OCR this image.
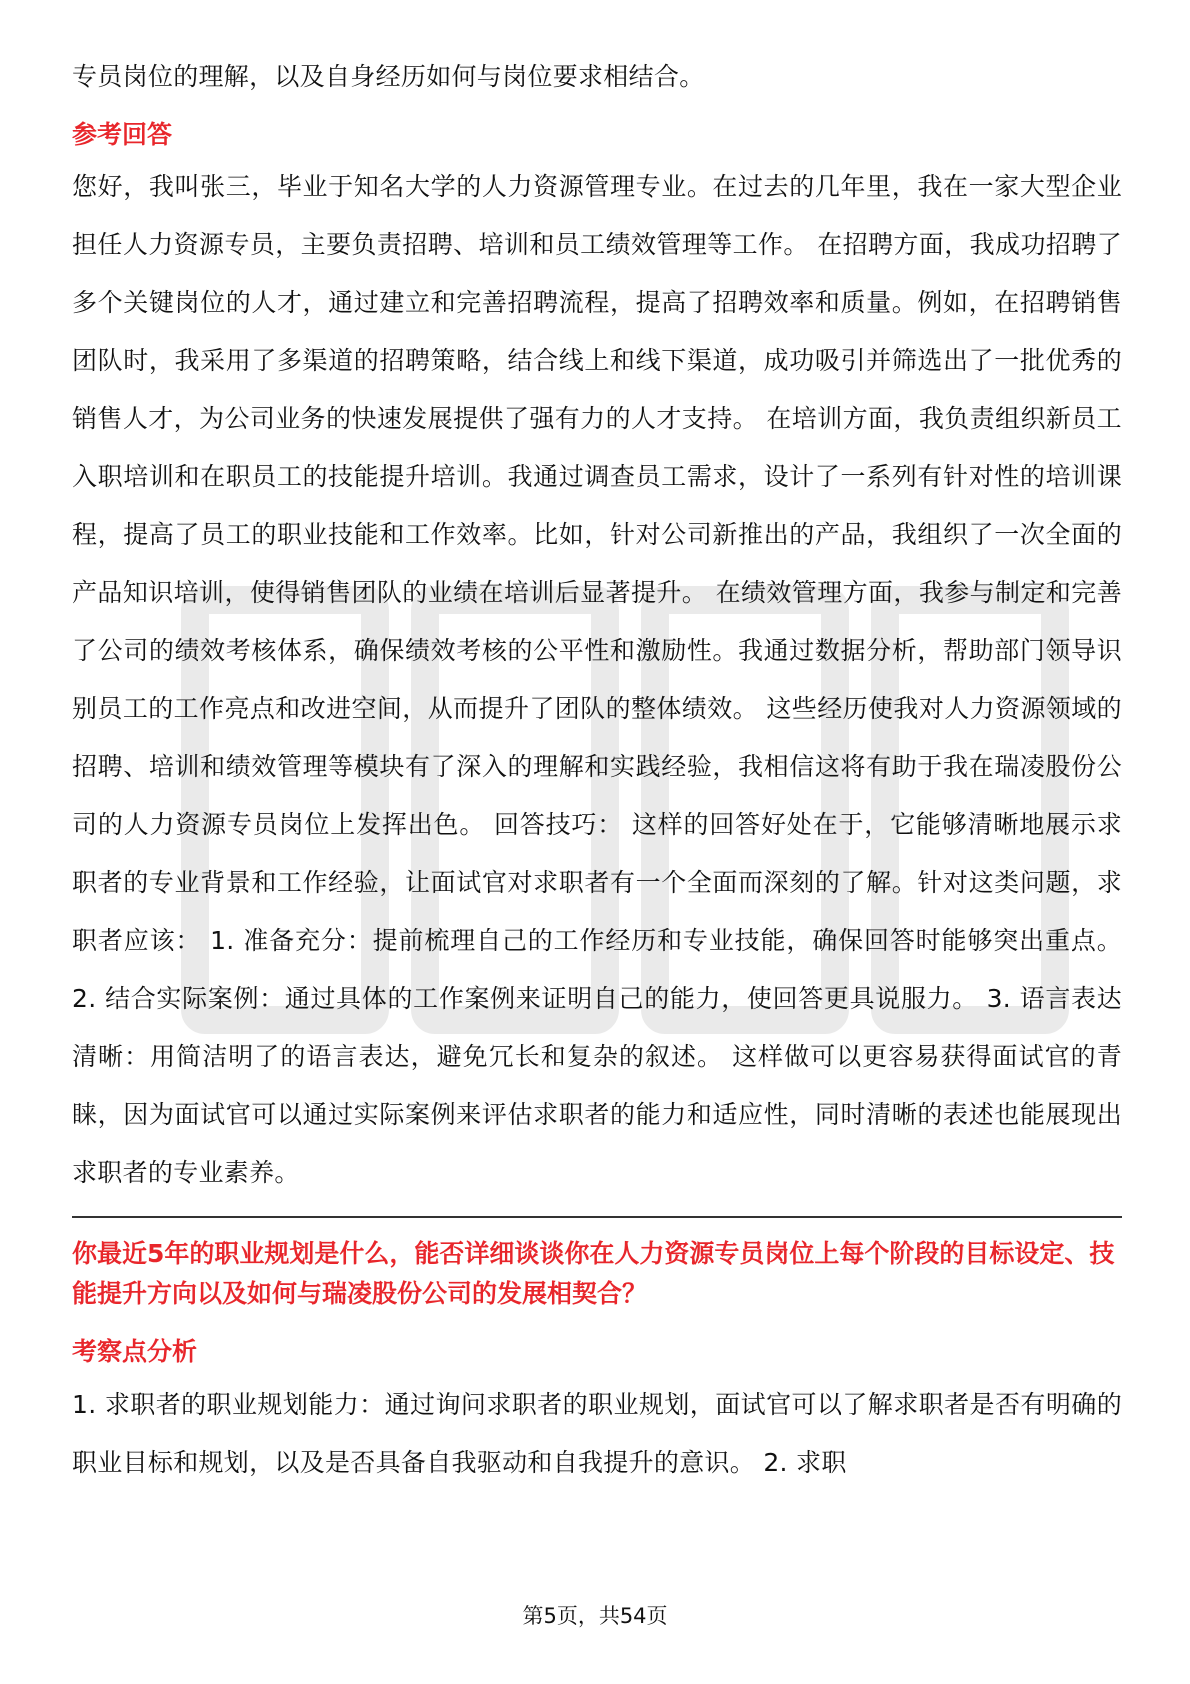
专员岗位的理解，以及自身经历如何与岗位要求相结合。

参考回答

您好，我叫张三，毕业于知名大学的人力资源管理专业。在过去的几年里，我在一家大型企业担任人力资源专员，主要负责招聘、培训和员工绩效管理等工作。 在招聘方面，我成功招聘了多个关键岗位的人才，通过建立和完善招聘流程，提高了招聘效率和质量。例如，在招聘销售团队时，我采用了多渠道的招聘策略，结合线上和线下渠道，成功吸引并筛选出了一批优秀的销售人才，为公司业务的快速发展提供了强有力的人才支持。 在培训方面，我负责组织新员工入职培训和在职员工的技能提升培训。我通过调查员工需求，设计了一系列有针对性的培训课程，提高了员工的职业技能和工作效率。比如，针对公司新推出的产品，我组织了一次全面的产品知识培训，使得销售团队的业绩在培训后显著提升。 在绩效管理方面，我参与制定和完善了公司的绩效考核体系，确保绩效考核的公平性和激励性。我通过数据分析，帮助部门领导识别员工的工作亮点和改进空间，从而提升了团队的整体绩效。 这些经历使我对人力资源领域的招聘、培训和绩效管理等模块有了深入的理解和实践经验，我相信这将有助于我在瑞凌股份公司的人力资源专员岗位上发挥出色。 回答技巧： 这样的回答好处在于，它能够清晰地展示求职者的专业背景和工作经验，让面试官对求职者有一个全面而深刻的了解。针对这类问题，求职者应该： 1. 准备充分：提前梳理自己的工作经历和专业技能，确保回答时能够突出重点。 2. 结合实际案例：通过具体的工作案例来证明自己的能力，使回答更具说服力。 3. 语言表达清晰：用简洁明了的语言表达，避免冗长和复杂的叙述。 这样做可以更容易获得面试官的青睐，因为面试官可以通过实际案例来评估求职者的能力和适应性，同时清晰的表述也能展现出求职者的专业素养。

你最近5年的职业规划是什么，能否详细谈谈你在人力资源专员岗位上每个阶段的目标设定、技能提升方向以及如何与瑞凌股份公司的发展相契合？

考察点分析

1. 求职者的职业规划能力：通过询问求职者的职业规划，面试官可以了解求职者是否有明确的职业目标和规划，以及是否具备自我驱动和自我提升的意识。 2. 求职

第5页，共54页
